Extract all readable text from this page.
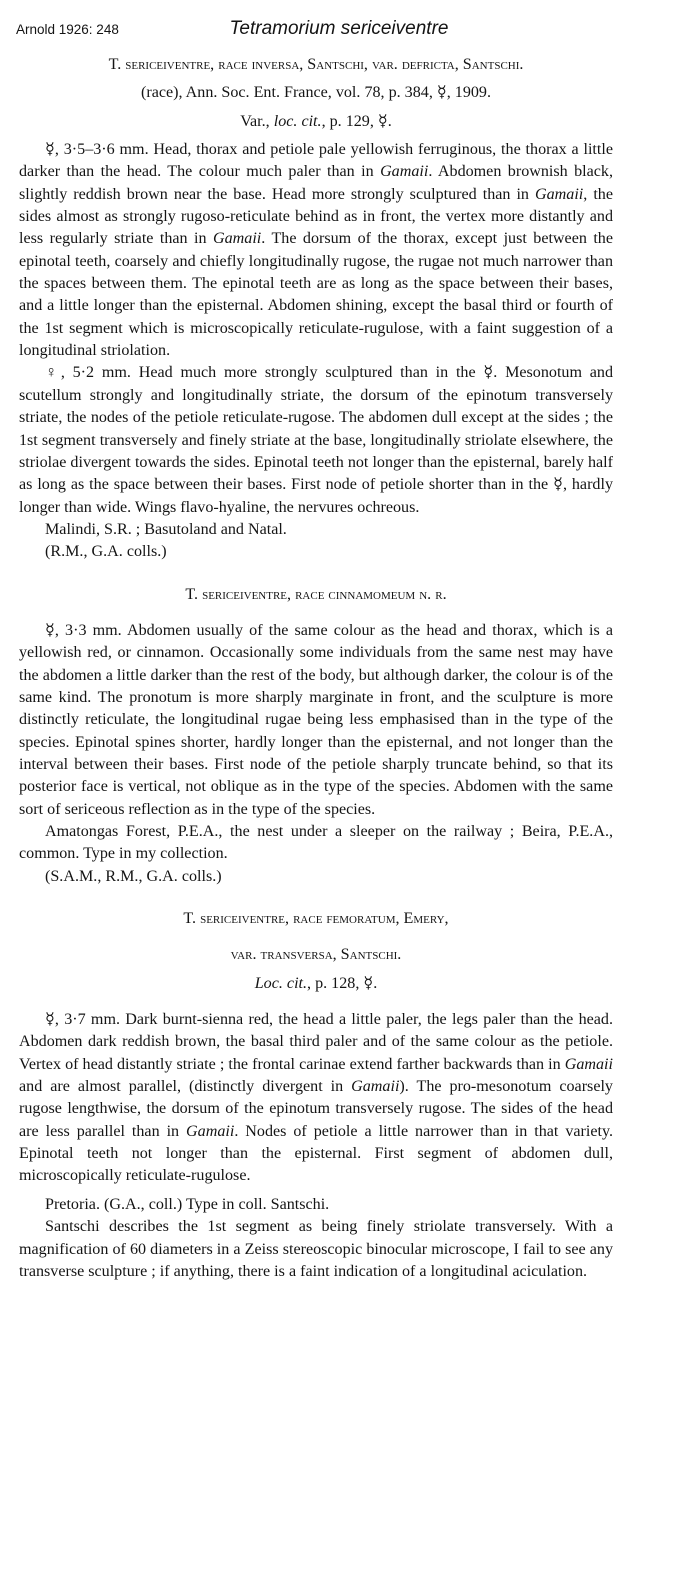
Arnold 1926: 248	Tetramorium sericeiventre
T. sericeiventre, race inversa, Santschi, var. defricta, Santschi.
(race), Ann. Soc. Ent. France, vol. 78, p. 384, ☿, 1909.
Var., loc. cit., p. 129, ☿.

☿, 3·5–3·6 mm. Head, thorax and petiole pale yellowish ferruginous, the thorax a little darker than the head. The colour much paler than in Gamaii. Abdomen brownish black, slightly reddish brown near the base. Head more strongly sculptured than in Gamaii, the sides almost as strongly rugoso-reticulate behind as in front, the vertex more distantly and less regularly striate than in Gamaii. The dorsum of the thorax, except just between the epinotal teeth, coarsely and chiefly longitudinally rugose, the rugae not much narrower than the spaces between them. The epinotal teeth are as long as the space between their bases, and a little longer than the episternal. Abdomen shining, except the basal third or fourth of the 1st segment which is microscopically reticulate-rugulose, with a faint suggestion of a longitudinal striolation.

♀, 5·2 mm. Head much more strongly sculptured than in the ☿. Mesonotum and scutellum strongly and longitudinally striate, the dorsum of the epinotum transversely striate, the nodes of the petiole reticulate-rugose. The abdomen dull except at the sides ; the 1st segment transversely and finely striate at the base, longitudinally striolate elsewhere, the striolae divergent towards the sides. Epinotal teeth not longer than the episternal, barely half as long as the space between their bases. First node of petiole shorter than in the ☿, hardly longer than wide. Wings flavo-hyaline, the nervures ochreous.

Malindi, S.R. ; Basutoland and Natal.

(R.M., G.A. colls.)

T. sericeiventre, race cinnamomeum n. r.

☿, 3·3 mm. Abdomen usually of the same colour as the head and thorax, which is a yellowish red, or cinnamon. Occasionally some individuals from the same nest may have the abdomen a little darker than the rest of the body, but although darker, the colour is of the same kind. The pronotum is more sharply marginate in front, and the sculpture is more distinctly reticulate, the longitudinal rugae being less emphasised than in the type of the species. Epinotal spines shorter, hardly longer than the episternal, and not longer than the interval between their bases. First node of the petiole sharply truncate behind, so that its posterior face is vertical, not oblique as in the type of the species. Abdomen with the same sort of sericeous reflection as in the type of the species.

Amatongas Forest, P.E.A., the nest under a sleeper on the railway ; Beira, P.E.A., common. Type in my collection.

(S.A.M., R.M., G.A. colls.)

T. sericeiventre, race femoratum, Emery,
var. transversa, Santschi.
Loc. cit., p. 128, ☿.

☿, 3·7 mm. Dark burnt-sienna red, the head a little paler, the legs paler than the head. Abdomen dark reddish brown, the basal third paler and of the same colour as the petiole. Vertex of head distantly striate ; the frontal carinae extend farther backwards than in Gamaii and are almost parallel, (distinctly divergent in Gamaii). The pro-mesonotum coarsely rugose lengthwise, the dorsum of the epinotum transversely rugose. The sides of the head are less parallel than in Gamaii. Nodes of petiole a little narrower than in that variety. Epinotal teeth not longer than the episternal. First segment of abdomen dull, microscopically reticulate-rugulose.

Pretoria. (G.A., coll.) Type in coll. Santschi.

Santschi describes the 1st segment as being finely striolate transversely. With a magnification of 60 diameters in a Zeiss stereoscopic binocular microscope, I fail to see any transverse sculpture ; if anything, there is a faint indication of a longitudinal aciculation.
